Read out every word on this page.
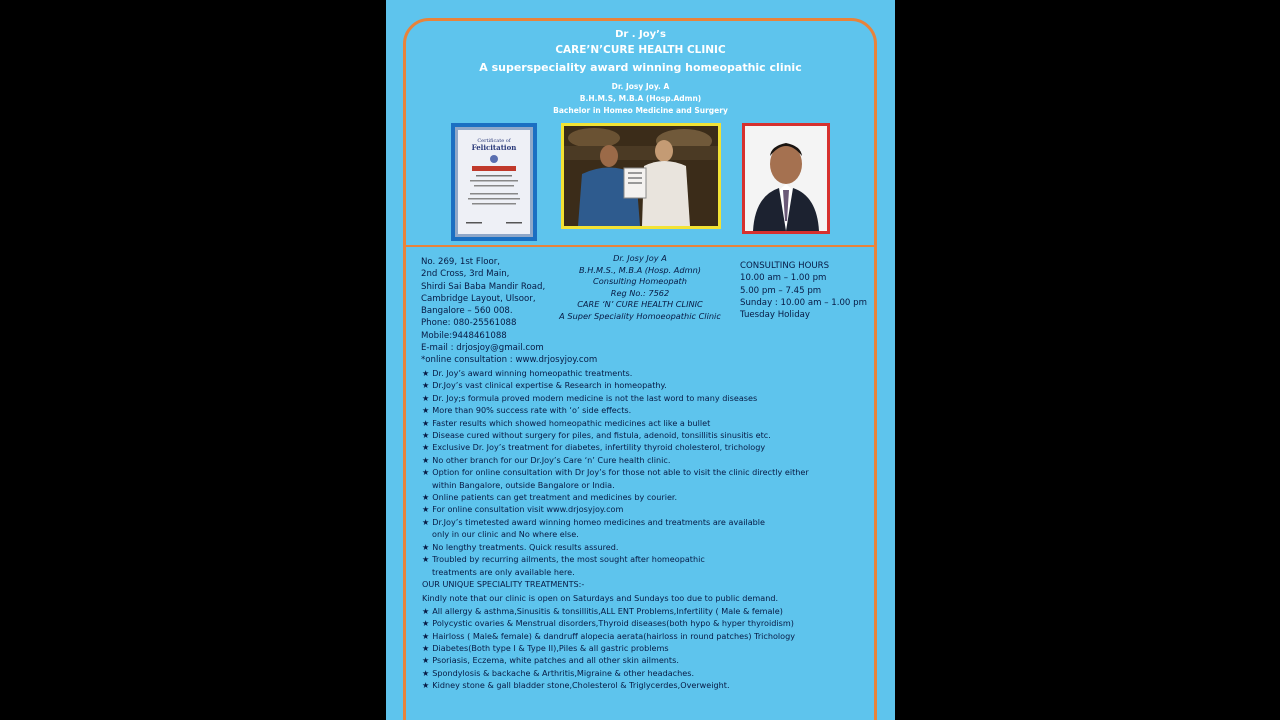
Dr . Joy’s
CARE’N’CURE HEALTH CLINIC
A superspeciality award winning homeopathic clinic
Dr. Josy Joy. A
B.H.M.S, M.B.A (Hosp.Admn)
Bachelor in Homeo Medicine and Surgery
Certificate of
Felicitation
No. 269, 1st Floor,
2nd Cross, 3rd Main,
Shirdi Sai Baba Mandir Road,
Cambridge Layout, Ulsoor,
Bangalore – 560 008.
Phone: 080-25561088
Mobile:9448461088
E-mail : drjosjoy@gmail.com
*online consultation : www.drjosyjoy.com
Dr. Josy Joy A
B.H.M.S., M.B.A (Hosp. Admn)
Consulting Homeopath
Reg No.: 7562
CARE ‘N’ CURE HEALTH CLINIC
A Super Speciality Homoeopathic Clinic
CONSULTING HOURS
10.00 am – 1.00 pm
5.00 pm – 7.45 pm
Sunday : 10.00 am – 1.00 pm
Tuesday Holiday
★ Dr. Joy’s award winning homeopathic treatments.
★ Dr.Joy’s vast clinical expertise & Research in homeopathy.
★ Dr. Joy;s formula proved modern medicine is not the last word to many diseases
★ More than 90% success rate with ‘o’ side effects.
★ Faster results which showed homeopathic medicines act like a bullet
★ Disease cured without surgery for piles, and fistula, adenoid, tonsillitis sinusitis etc.
★ Exclusive Dr. Joy’s treatment for diabetes, infertility thyroid cholesterol, trichology
★ No other branch for our Dr.Joy’s Care ‘n’ Cure health clinic.
★ Option for online consultation with Dr Joy’s for those not able to visit the clinic directly either
within Bangalore, outside Bangalore or India.
★ Online patients can get treatment and medicines by courier.
★ For online consultation visit www.drjosyjoy.com
★ Dr.Joy’s timetested award winning homeo medicines and treatments are available
only in our clinic and No where else.
★ No lengthy treatments. Quick results assured.
★ Troubled by recurring ailments, the most sought after homeopathic
treatments are only available here.
OUR UNIQUE SPECIALITY TREATMENTS:-
Kindly note that our clinic is open on Saturdays and Sundays too due to public demand.
★ All allergy & asthma,Sinusitis & tonsillitis,ALL ENT Problems,Infertility ( Male & female)
★ Polycystic ovaries & Menstrual disorders,Thyroid diseases(both hypo & hyper thyroidism)
★ Hairloss ( Male& female) & dandruff alopecia aerata(hairloss in round patches) Trichology
★ Diabetes(Both type I & Type II),Piles & all gastric problems
★ Psoriasis, Eczema, white patches and all other skin ailments.
★ Spondylosis & backache & Arthritis,Migraine & other headaches.
★ Kidney stone & gall bladder stone,Cholesterol & Triglycerdes,Overweight.
